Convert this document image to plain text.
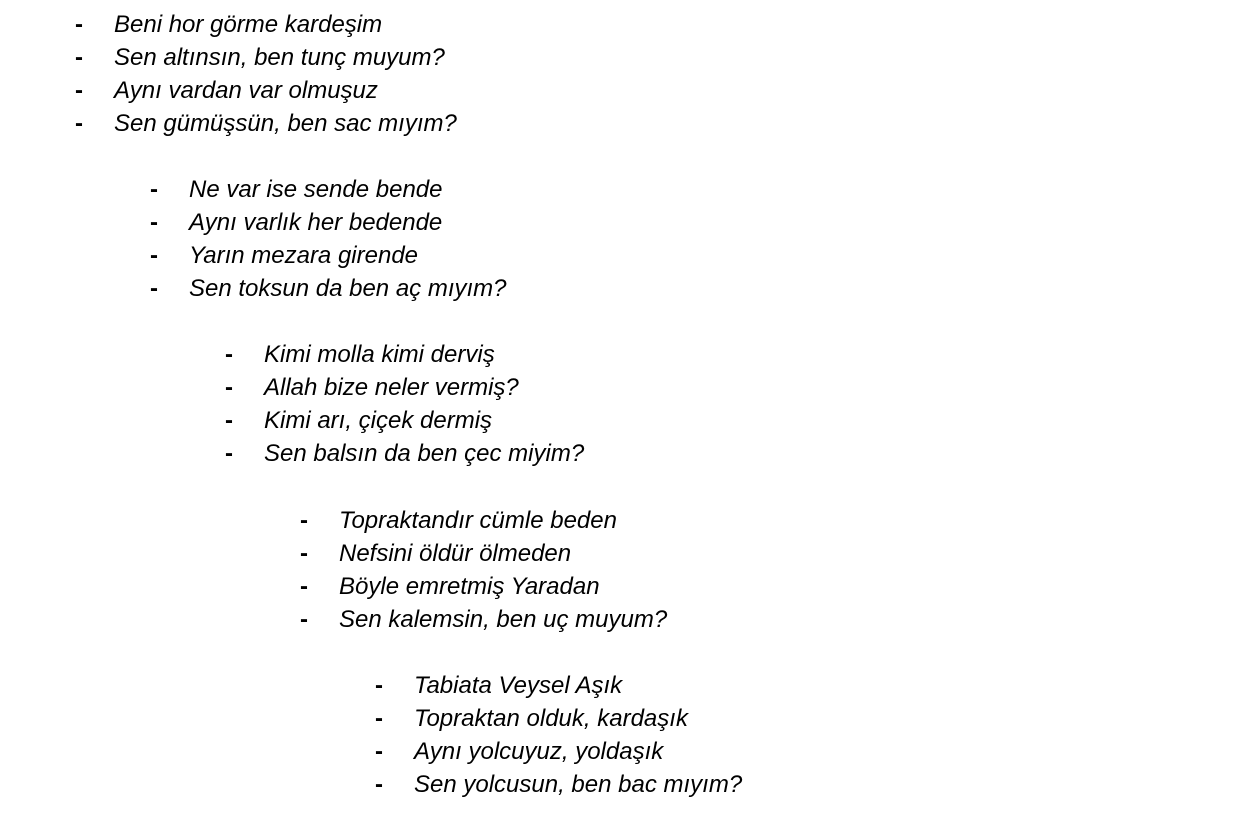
- Beni hor görme kardeşim
- Sen altınsın, ben tunç muyum?
- Aynı vardan var olmuşuz
- Sen gümüşsün, ben sac mıyım?
- Ne var ise sende bende
- Aynı varlık her bedende
- Yarın mezara girende
- Sen toksun da ben aç mıyım?
- Kimi molla kimi derviş
- Allah bize neler vermiş?
- Kimi arı, çiçek dermiş
- Sen balsın da ben çec miyim?
- Topraktandır cümle beden
- Nefsini öldür ölmeden
- Böyle emretmiş Yaradan
- Sen kalemsin, ben uç muyum?
- Tabiata Veysel Aşık
- Topraktan olduk, kardaşık
- Aynı yolcuyuz, yoldaşık
- Sen yolcusun, ben bac mıyım?
